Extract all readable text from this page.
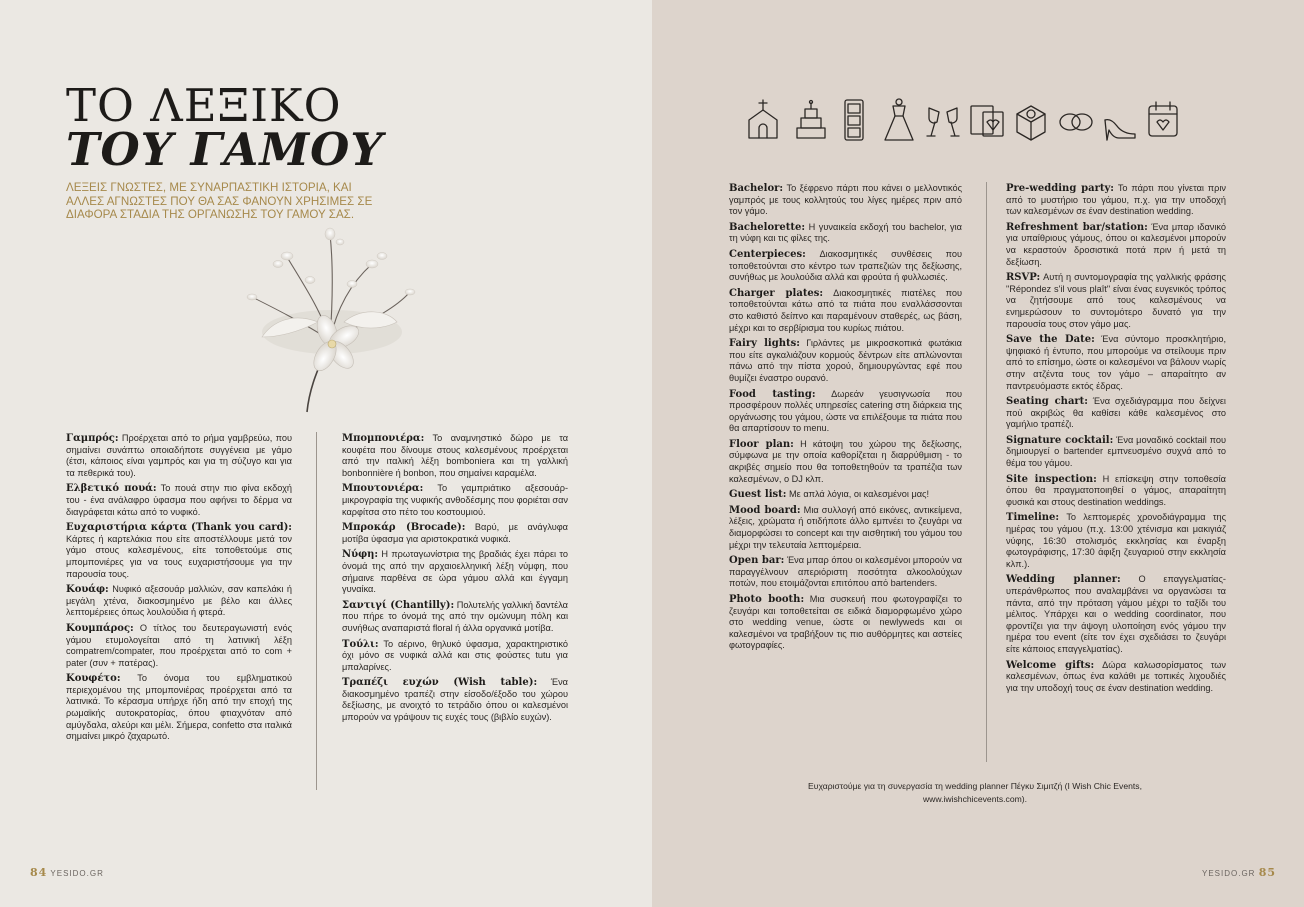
ΤΟ ΛΕΞΙΚΟ
ΤΟΥ ΓΑΜΟΥ

ΛΕΞΕΙΣ ΓΝΩΣΤΕΣ, ΜΕ ΣΥΝΑΡΠΑΣΤΙΚΗ ΙΣΤΟΡΙΑ, ΚΑΙ ΑΛΛΕΣ ΑΓΝΩΣΤΕΣ ΠΟΥ ΘΑ ΣΑΣ ΦΑΝΟΥΝ ΧΡΗΣΙΜΕΣ ΣΕ ΔΙΑΦΟΡΑ ΣΤΑΔΙΑ ΤΗΣ ΟΡΓΑΝΩΣΗΣ ΤΟΥ ΓΑΜΟΥ ΣΑΣ.

Γαμπρός: Προέρχεται από το ρήμα γαμβρεύω, που σημαίνει συνάπτω οποιαδήποτε συγγένεια με γάμο (έτσι, κάποιος είναι γαμπρός και για τη σύζυγο και για τα πεθερικά του).

Ελβετικό πουά: Το πουά στην πιο φίνα εκδοχή του - ένα ανάλαφρο ύφασμα που αφήνει το δέρμα να διαγράφεται κάτω από το νυφικό.

Ευχαριστήρια κάρτα (Thank you card): Κάρτες ή καρτελάκια που είτε αποστέλλουμε μετά τον γάμο στους καλεσμένους, είτε τοποθετούμε στις μπομπονιέρες για να τους ευχαριστήσουμε για την παρουσία τους.

Κουάφ: Νυφικό αξεσουάρ μαλλιών, σαν καπελάκι ή μεγάλη χτένα, διακοσμημένο με βέλο και άλλες λεπτομέρειες όπως λουλούδια ή φτερά.

Κουμπάρος: Ο τίτλος του δευτεραγωνιστή ενός γάμου ετυμολογείται από τη λατινική λέξη compatrem/compater, που προέρχεται από το com + pater (συν + πατέρας).

Κουφέτο: Το όνομα του εμβληματικού περιεχομένου της μπομπονιέρας προέρχεται από τα λατινικά. Το κέρασμα υπήρχε ήδη από την εποχή της ρωμαϊκής αυτοκρατορίας, όπου φτιαχνόταν από αμύγδαλα, αλεύρι και μέλι. Σήμερα, confetto στα ιταλικά σημαίνει μικρό ζαχαρωτό.

Μπομπονιέρα: Το αναμνηστικό δώρο με τα κουφέτα που δίνουμε στους καλεσμένους προέρχεται από την ιταλική λέξη bomboniera και τη γαλλική bonbonnière ή bonbon, που σημαίνει καραμέλα.

Μπουτονιέρα: Το γαμπριάτικο αξεσουάρ-μικρογραφία της νυφικής ανθοδέσμης που φοριέται σαν καρφίτσα στο πέτο του κοστουμιού.

Μπροκάρ (Brocade): Βαρύ, με ανάγλυφα μοτίβα ύφασμα για αριστοκρατικά νυφικά.

Νύφη: Η πρωταγωνίστρια της βραδιάς έχει πάρει το όνομά της από την αρχαιοελληνική λέξη νύμφη, που σήμαινε παρθένα σε ώρα γάμου αλλά και έγγαμη γυναίκα.

Σαντιγί (Chantilly): Πολυτελής γαλλική δαντέλα που πήρε το όνομά της από την ομώνυμη πόλη και συνήθως αναπαριστά floral ή άλλα οργανικά μοτίβα.

Τούλι: Το αέρινο, θηλυκό ύφασμα, χαρακτηριστικό όχι μόνο σε νυφικά αλλά και στις φούστες tutu για μπαλαρίνες.

Τραπέζι ευχών (Wish table): Ένα διακοσμημένο τραπέζι στην είσοδο/έξοδο του χώρου δεξίωσης, με ανοιχτό το τετράδιο όπου οι καλεσμένοι μπορούν να γράψουν τις ευχές τους (βιβλίο ευχών).

Bachelor: Το ξέφρενο πάρτι που κάνει ο μελλοντικός γαμπρός με τους κολλητούς του λίγες ημέρες πριν από τον γάμο.

Bachelorette: Η γυναικεία εκδοχή του bachelor, για τη νύφη και τις φίλες της.

Centerpieces: Διακοσμητικές συνθέσεις που τοποθετούνται στο κέντρο των τραπεζιών της δεξίωσης, συνήθως με λουλούδια αλλά και φρούτα ή φυλλωσιές.

Charger plates: Διακοσμητικές πιατέλες που τοποθετούνται κάτω από τα πιάτα που εναλλάσσονται στο καθιστό δείπνο και παραμένουν σταθερές, ως βάση, μέχρι και το σερβίρισμα του κυρίως πιάτου.

Fairy lights: Γιρλάντες με μικροσκοπικά φωτάκια που είτε αγκαλιάζουν κορμούς δέντρων είτε απλώνονται πάνω από την πίστα χορού, δημιουργώντας εφέ που θυμίζει έναστρο ουρανό.

Food tasting: Δωρεάν γευσιγνωσία που προσφέρουν πολλές υπηρεσίες catering στη διάρκεια της οργάνωσης του γάμου, ώστε να επιλέξουμε τα πιάτα που θα απαρτίσουν το menu.

Floor plan: Η κάτοψη του χώρου της δεξίωσης, σύμφωνα με την οποία καθορίζεται η διαρρύθμιση - το ακριβές σημείο που θα τοποθετηθούν τα τραπέζια των καλεσμένων, ο DJ κλπ.

Guest list: Με απλά λόγια, οι καλεσμένοι μας!

Mood board: Μια συλλογή από εικόνες, αντικείμενα, λέξεις, χρώματα ή οτιδήποτε άλλο εμπνέει το ζευγάρι να διαμορφώσει το concept και την αισθητική του γάμου του μέχρι την τελευταία λεπτομέρεια.

Open bar: Ένα μπαρ όπου οι καλεσμένοι μπορούν να παραγγέλνουν απεριόριστη ποσότητα αλκοολούχων ποτών, που ετοιμάζονται επιτόπου από bartenders.

Photo booth: Μια συσκευή που φωτογραφίζει το ζευγάρι και τοποθετείται σε ειδικά διαμορφωμένο χώρο στο wedding venue, ώστε οι newlyweds και οι καλεσμένοι να τραβήξουν τις πιο αυθόρμητες και αστείες φωτογραφίες.

Pre-wedding party: Το πάρτι που γίνεται πριν από το μυστήριο του γάμου, π.χ. για την υποδοχή των καλεσμένων σε έναν destination wedding.

Refreshment bar/station: Ένα μπαρ ιδανικό για υπαίθριους γάμους, όπου οι καλεσμένοι μπορούν να κεραστούν δροσιστικά ποτά πριν ή μετά τη δεξίωση.

RSVP: Αυτή η συντομογραφία της γαλλικής φράσης "Répondez s'il vous plaît" είναι ένας ευγενικός τρόπος να ζητήσουμε από τους καλεσμένους να ενημερώσουν το συντομότερο δυνατό για την παρουσία τους στον γάμο μας.

Save the Date: Ένα σύντομο προσκλητήριο, ψηφιακό ή έντυπο, που μπορούμε να στείλουμε πριν από το επίσημο, ώστε οι καλεσμένοι να βάλουν νωρίς στην ατζέντα τους τον γάμο – απαραίτητο αν παντρευόμαστε εκτός έδρας.

Seating chart: Ένα σχεδιάγραμμα που δείχνει πού ακριβώς θα καθίσει κάθε καλεσμένος στο γαμήλιο τραπέζι.

Signature cocktail: Ένα μοναδικό cocktail που δημιουργεί ο bartender εμπνευσμένο συχνά από το θέμα του γάμου.

Site inspection: Η επίσκεψη στην τοποθεσία όπου θα πραγματοποιηθεί ο γάμος, απαραίτητη φυσικά και στους destination weddings.

Timeline: Το λεπτομερές χρονοδιάγραμμα της ημέρας του γάμου (π.χ. 13:00 χτένισμα και μακιγιάζ νύφης, 16:30 στολισμός εκκλησίας και έναρξη φωτογράφισης, 17:30 άφιξη ζευγαριού στην εκκλησία κλπ.).

Wedding planner: Ο επαγγελματίας-υπεράνθρωπος που αναλαμβάνει να οργανώσει τα πάντα, από την πρόταση γάμου μέχρι το ταξίδι του μέλιτος. Υπάρχει και ο wedding coordinator, που φροντίζει για την άψογη υλοποίηση ενός γάμου την ημέρα του event (είτε τον έχει σχεδιάσει το ζευγάρι είτε κάποιος επαγγελματίας).

Welcome gifts: Δώρα καλωσορίσματος των καλεσμένων, όπως ένα καλάθι με τοπικές λιχουδιές για την υποδοχή τους σε έναν destination wedding.

Ευχαριστούμε για τη συνεργασία τη wedding planner Πέγκυ Σιμιτζή (I Wish Chic Events,
www.iwishchicevents.com).

84 YESIDO.GR	YESIDO.GR 85
